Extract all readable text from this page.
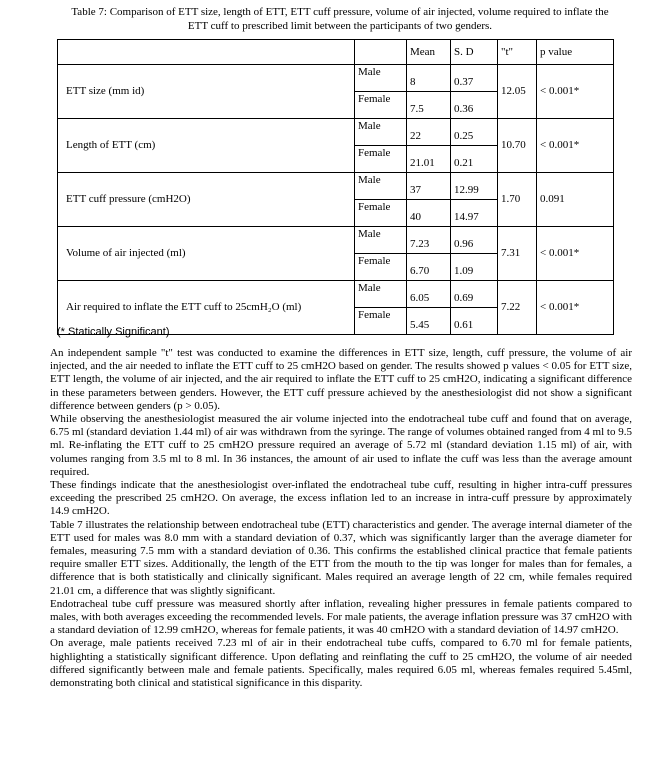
Table 7: Comparison of ETT size, length of ETT, ETT cuff pressure, volume of air injected, volume required to inflate the ETT cuff to prescribed limit between the participants of two genders.
		Mean	S. D	"t"	p value
ETT size (mm id)	Male	8	0.37	12.05	< 0.001*
	Female	7.5	0.36		
Length of ETT (cm)	Male	22	0.25	10.70	< 0.001*
	Female	21.01	0.21		
ETT cuff pressure (cmH2O)	Male	37	12.99	1.70	0.091
	Female	40	14.97		
Volume of air injected (ml)	Male	7.23	0.96	7.31	< 0.001*
	Female	6.70	1.09		
Air required to inflate the ETT cuff to 25cmH₂O (ml)	Male	6.05	0.69	7.22	< 0.001*
	Female	5.45	0.61		
(* Statically Significant)

An independent sample "t" test was conducted to examine the differences in ETT size, length, cuff pressure, the volume of air injected, and the air needed to inflate the ETT cuff to 25 cmH2O based on gender. The results showed p values < 0.05 for ETT size, ETT length, the volume of air injected, and the air required to inflate the ETT cuff to 25 cmH2O, indicating a significant difference in these parameters between genders. However, the ETT cuff pressure achieved by the anesthesiologist did not show a significant difference between genders (p > 0.05).

While observing the anesthesiologist measured the air volume injected into the endotracheal tube cuff and found that on average, 6.75 ml (standard deviation 1.44 ml) of air was withdrawn from the syringe. The range of volumes obtained ranged from 4 ml to 9.5 ml. Re-inflating the ETT cuff to 25 cmH2O pressure required an average of 5.72 ml (standard deviation 1.15 ml) of air, with volumes ranging from 3.5 ml to 8 ml. In 36 instances, the amount of air used to inflate the cuff was less than the average amount required.

These findings indicate that the anesthesiologist over-inflated the endotracheal tube cuff, resulting in higher intra-cuff pressures exceeding the prescribed 25 cmH2O. On average, the excess inflation led to an increase in intra-cuff pressure by approximately 14.9 cmH2O.

Table 7 illustrates the relationship between endotracheal tube (ETT) characteristics and gender. The average internal diameter of the ETT used for males was 8.0 mm with a standard deviation of 0.37, which was significantly larger than the average diameter for females, measuring 7.5 mm with a standard deviation of 0.36. This confirms the established clinical practice that female patients require smaller ETT sizes. Additionally, the length of the ETT from the mouth to the tip was longer for males than for females, a difference that is both statistically and clinically significant. Males required an average length of 22 cm, while females required 21.01 cm, a difference that was slightly significant.

Endotracheal tube cuff pressure was measured shortly after inflation, revealing higher pressures in female patients compared to males, with both averages exceeding the recommended levels. For male patients, the average inflation pressure was 37 cmH2O with a standard deviation of 12.99 cmH2O, whereas for female patients, it was 40 cmH2O with a standard deviation of 14.97 cmH2O.

On average, male patients received 7.23 ml of air in their endotracheal tube cuffs, compared to 6.70 ml for female patients, highlighting a statistically significant difference. Upon deflating and reinflating the cuff to 25 cmH2O, the volume of air needed differed significantly between male and female patients. Specifically, males required 6.05 ml, whereas females required 5.45ml, demonstrating both clinical and statistical significance in this disparity.
